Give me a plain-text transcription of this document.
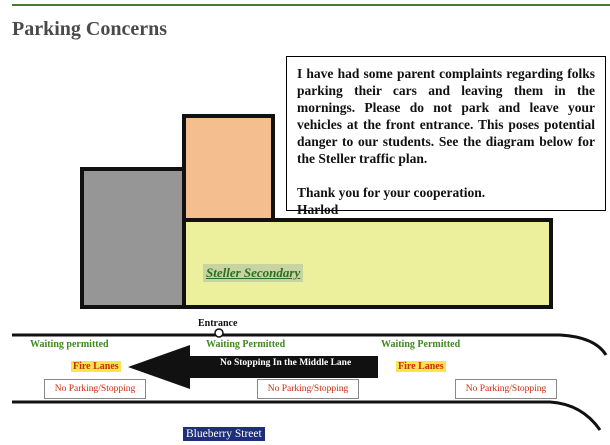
Parking Concerns

I have had some parent complaints regarding folks parking their cars and leaving them in the mornings. Please do not park and leave your vehicles at the front entrance. This poses potential danger to our students. See the diagram below for the Steller traffic plan.

Thank you for your cooperation.
Harlod
Steller Secondary
Entrance
Waiting permitted	Waiting Permitted	Waiting Permitted
Fire Lanes	Fire Lanes
No Stopping In the Middle Lane
No Parking/Stopping	No Parking/Stopping	No Parking/Stopping
Blueberry Street
